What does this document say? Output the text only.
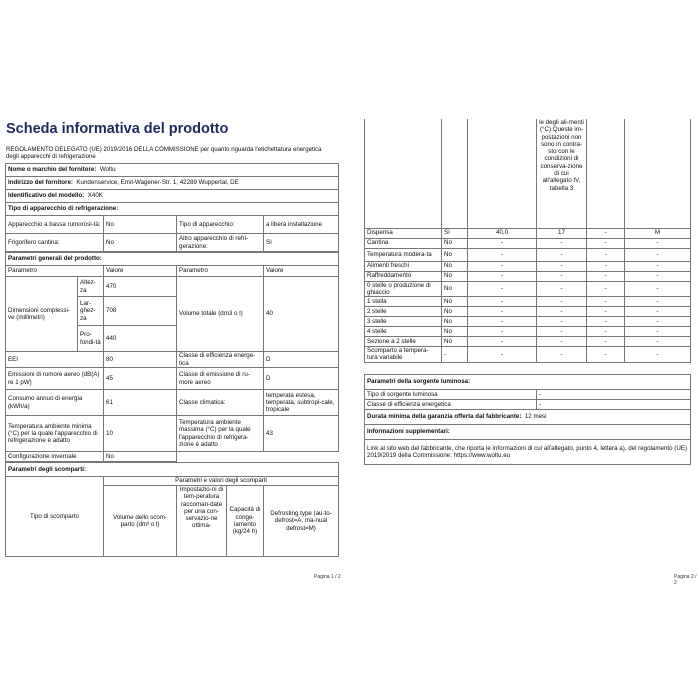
Scheda informativa del prodotto
REGOLAMENTO DELEGATO (UE) 2019/2016 DELLA COMMISSIONE per quanto riguarda l'etichettatura energetica degli apparecchi di refrigerazione
Nome o marchio del fornitore: Woltu
Indirizzo del fornitore: Kundenservice, Emil-Wagener-Str. 1, 42289 Wuppertal, DE
Identificativo del modello: X40K
Tipo di apparecchio di refrigerazione:
Apparecchio a bassa rumorosi-tà:	No	Tipo di apparecchio:	a libera installazione
Frigorifero cantina:	No	Altro apparecchio di refri-gerazione:	Sì
Parametri generali del prodotto:				
Parametro		Valore	Parametro	Valore
Dimensioni complessi-ve (millimetri)	Altez-za	470	Volume totale (dm3 o l)	40
	Lar-ghez-za	708		
	Pro-fondi-tà	440		
EEI		80	Classe di efficienza energe-tica	D
Emissioni di rumore aereo (dB(A) re 1 pW)		45	Classe di emissione di ru-more aereo	D
Consumo annuo di energia (kWh/a)		61	Classe climatica:	temperata estesa, temperata, subtropi-cale, tropicale
Temperatura ambiente minima (°C) per la quale l'apparecchio di refrigerazione è adatto		10	Temperatura ambiente massima (°C) per la quale l'apparecchio di refrigera-zione è adatto	43
Configurazione invernale		No		
Parametri degli scomparti:				
Tipo di scomparto	Parametri e valori degli scomparti			
	Volume dello scom-parto (dm³ o l)	Impostazio-ni di tem-peratura raccoman-date per una con-servazio-ne ottima-	Capacità di conge-lamento (kg/24 h)	Defrosting type (au-to-defrost=A, ma-nual defrost=M)
Pagina 1 / 2
			le degli ali-menti (°C) Queste im-postazioni non sono in contra-sto con le condizioni di conserva-zione di cui all'allegato IV, tabella 3		
Dispensa	Sì	40,0	17	-	M
Cantina	No	-	-	-	-
Temperatura modera-ta	No	-	-	-	-
Alimenti freschi	No	-	-	-	-
Raffreddamento	No	-	-	-	-
0 stelle o produzione di ghiaccio	No	-	-	-	-
1 stella	No	-	-	-	-
2 stelle	No	-	-	-	-
3 stelle	No	-	-	-	-
4 stelle	No	-	-	-	-
Sezione a 2 stelle	No	-	-	-	-
Scomparto a tempera-tura variabile	-	-	-	-	-
Parametri della sorgente luminosa:	
Tipo di sorgente luminosa	-
Classe di efficienza energetica	-
Durata minima della garanzia offerta dal fabbricante: 12 mesi	
Informazioni supplementari:	
Link al sito web del fabbricante, che riporta le informazioni di cui all'allegato, punto 4, lettera a), del regolamento (UE) 2019/2019 della Commissione: https://www.woltu.eu	
Pagina 2 / 2
